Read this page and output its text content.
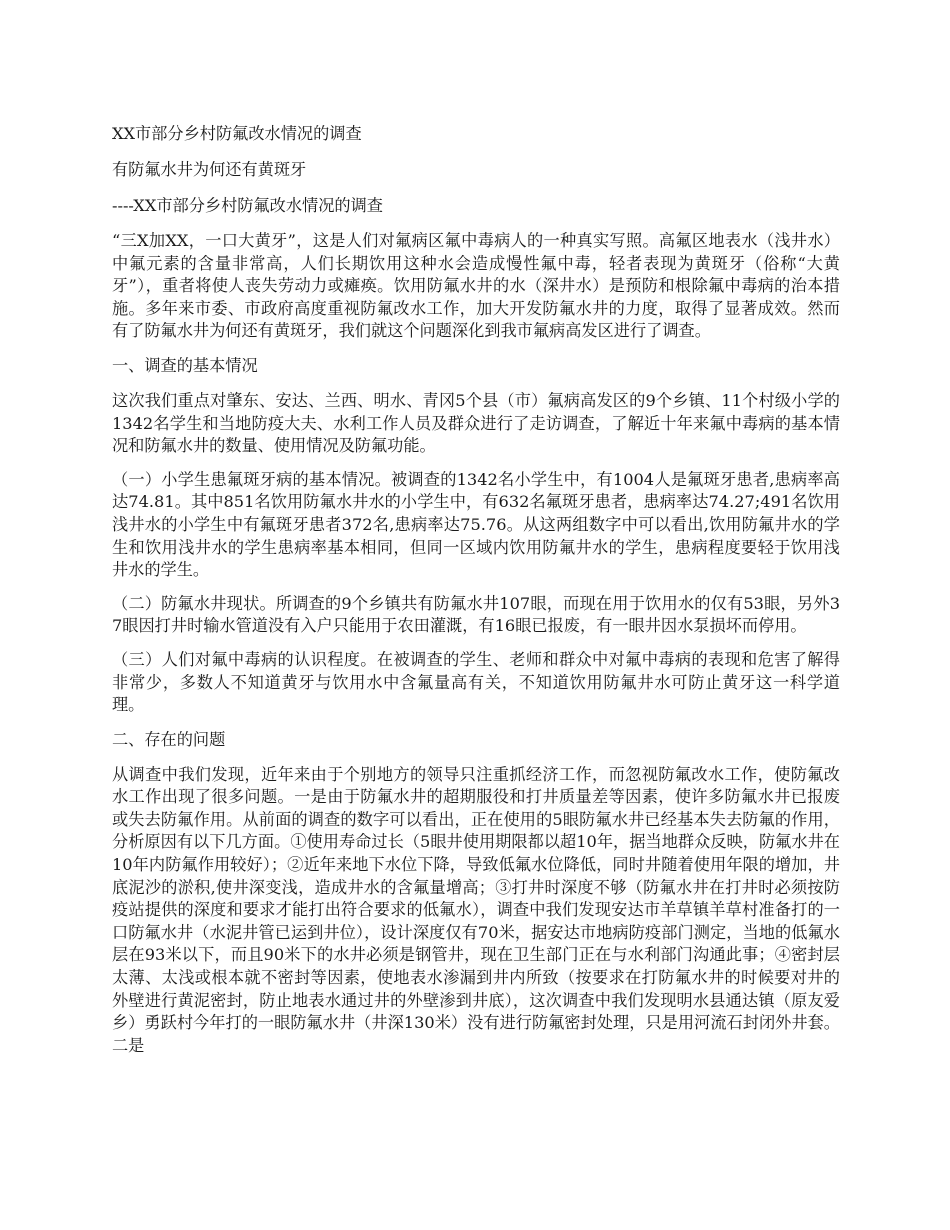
XX市部分乡村防氟改水情况的调查

有防氟水井为何还有黄斑牙

----XX市部分乡村防氟改水情况的调查

“三X加XX，一口大黄牙”，这是人们对氟病区氟中毒病人的一种真实写照。高氟区地表水（浅井水）中氟元素的含量非常高，人们长期饮用这种水会造成慢性氟中毒，轻者表现为黄斑牙（俗称“大黄牙”），重者将使人丧失劳动力或瘫痪。饮用防氟水井的水（深井水）是预防和根除氟中毒病的治本措施。多年来市委、市政府高度重视防氟改水工作，加大开发防氟水井的力度，取得了显著成效。然而有了防氟水井为何还有黄斑牙，我们就这个问题深化到我市氟病高发区进行了调查。

一、调查的基本情况

这次我们重点对肇东、安达、兰西、明水、青冈5个县（市）氟病高发区的9个乡镇、11个村级小学的1342名学生和当地防疫大夫、水利工作人员及群众进行了走访调查，了解近十年来氟中毒病的基本情况和防氟水井的数量、使用情况及防氟功能。

（一）小学生患氟斑牙病的基本情况。被调查的1342名小学生中，有1004人是氟斑牙患者,患病率高达74.81。其中851名饮用防氟水井水的小学生中，有632名氟斑牙患者，患病率达74.27;491名饮用浅井水的小学生中有氟斑牙患者372名,患病率达75.76。从这两组数字中可以看出,饮用防氟井水的学生和饮用浅井水的学生患病率基本相同，但同一区域内饮用防氟井水的学生，患病程度要轻于饮用浅井水的学生。

（二）防氟水井现状。所调查的9个乡镇共有防氟水井107眼，而现在用于饮用水的仅有53眼，另外37眼因打井时输水管道没有入户只能用于农田灌溉，有16眼已报废，有一眼井因水泵损坏而停用。

（三）人们对氟中毒病的认识程度。在被调查的学生、老师和群众中对氟中毒病的表现和危害了解得非常少，多数人不知道黄牙与饮用水中含氟量高有关，不知道饮用防氟井水可防止黄牙这一科学道理。

二、存在的问题

从调查中我们发现，近年来由于个别地方的领导只注重抓经济工作，而忽视防氟改水工作，使防氟改水工作出现了很多问题。一是由于防氟水井的超期服役和打井质量差等因素，使许多防氟水井已报废或失去防氟作用。从前面的调查的数字可以看出，正在使用的5眼防氟水井已经基本失去防氟的作用，分析原因有以下几方面。①使用寿命过长（5眼井使用期限都以超10年，据当地群众反映，防氟水井在10年内防氟作用较好）；②近年来地下水位下降，导致低氟水位降低，同时井随着使用年限的增加，井底泥沙的淤积,使井深变浅，造成井水的含氟量增高；③打井时深度不够（防氟水井在打井时必须按防疫站提供的深度和要求才能打出符合要求的低氟水），调查中我们发现安达市羊草镇羊草村准备打的一口防氟水井（水泥井管已运到井位），设计深度仅有70米，据安达市地病防疫部门测定，当地的低氟水层在93米以下，而且90米下的水井必须是钢管井，现在卫生部门正在与水利部门沟通此事；④密封层太薄、太浅或根本就不密封等因素，使地表水渗漏到井内所致（按要求在打防氟水井的时候要对井的外壁进行黄泥密封，防止地表水通过井的外壁渗到井底），这次调查中我们发现明水县通达镇（原友爱乡）勇跃村今年打的一眼防氟水井（井深130米）没有进行防氟密封处理，只是用河流石封闭外井套。二是
